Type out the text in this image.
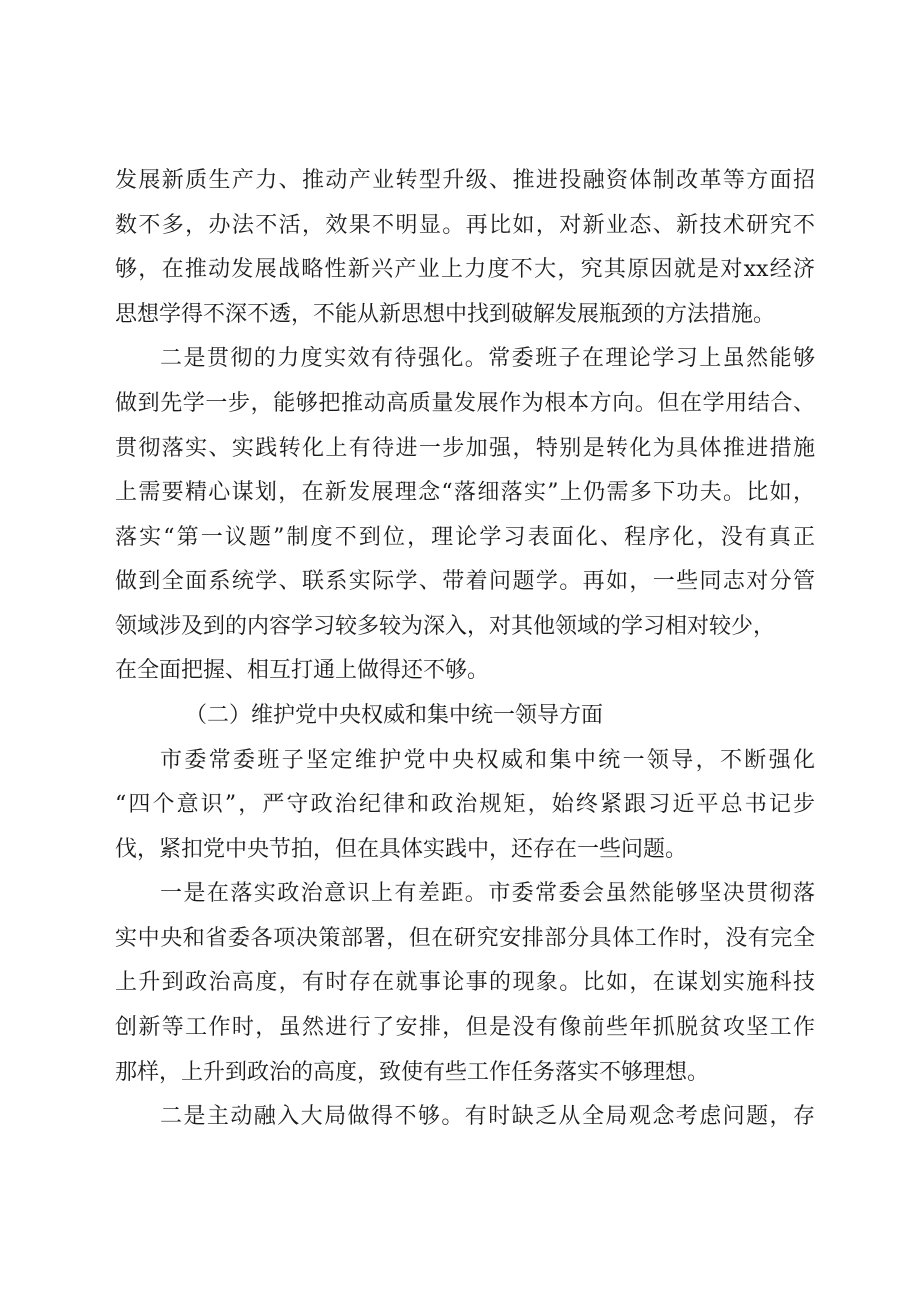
发展新质生产力、推动产业转型升级、推进投融资体制改革等方面招
数不多，办法不活，效果不明显。再比如，对新业态、新技术研究不
够，在推动发展战略性新兴产业上力度不大，究其原因就是对xx经济
思想学得不深不透，不能从新思想中找到破解发展瓶颈的方法措施。
二是贯彻的力度实效有待强化。常委班子在理论学习上虽然能够
做到先学一步，能够把推动高质量发展作为根本方向。但在学用结合、
贯彻落实、实践转化上有待进一步加强，特别是转化为具体推进措施
上需要精心谋划，在新发展理念“落细落实”上仍需多下功夫。比如，
落实“第一议题”制度不到位，理论学习表面化、程序化，没有真正
做到全面系统学、联系实际学、带着问题学。再如，一些同志对分管
领域涉及到的内容学习较多较为深入，对其他领域的学习相对较少，
在全面把握、相互打通上做得还不够。
（二）维护党中央权威和集中统一领导方面
市委常委班子坚定维护党中央权威和集中统一领导，不断强化
“四个意识”，严守政治纪律和政治规矩，始终紧跟习近平总书记步
伐，紧扣党中央节拍，但在具体实践中，还存在一些问题。
一是在落实政治意识上有差距。市委常委会虽然能够坚决贯彻落
实中央和省委各项决策部署，但在研究安排部分具体工作时，没有完全
上升到政治高度，有时存在就事论事的现象。比如，在谋划实施科技
创新等工作时，虽然进行了安排，但是没有像前些年抓脱贫攻坚工作
那样，上升到政治的高度，致使有些工作任务落实不够理想。
二是主动融入大局做得不够。有时缺乏从全局观念考虑问题，存
